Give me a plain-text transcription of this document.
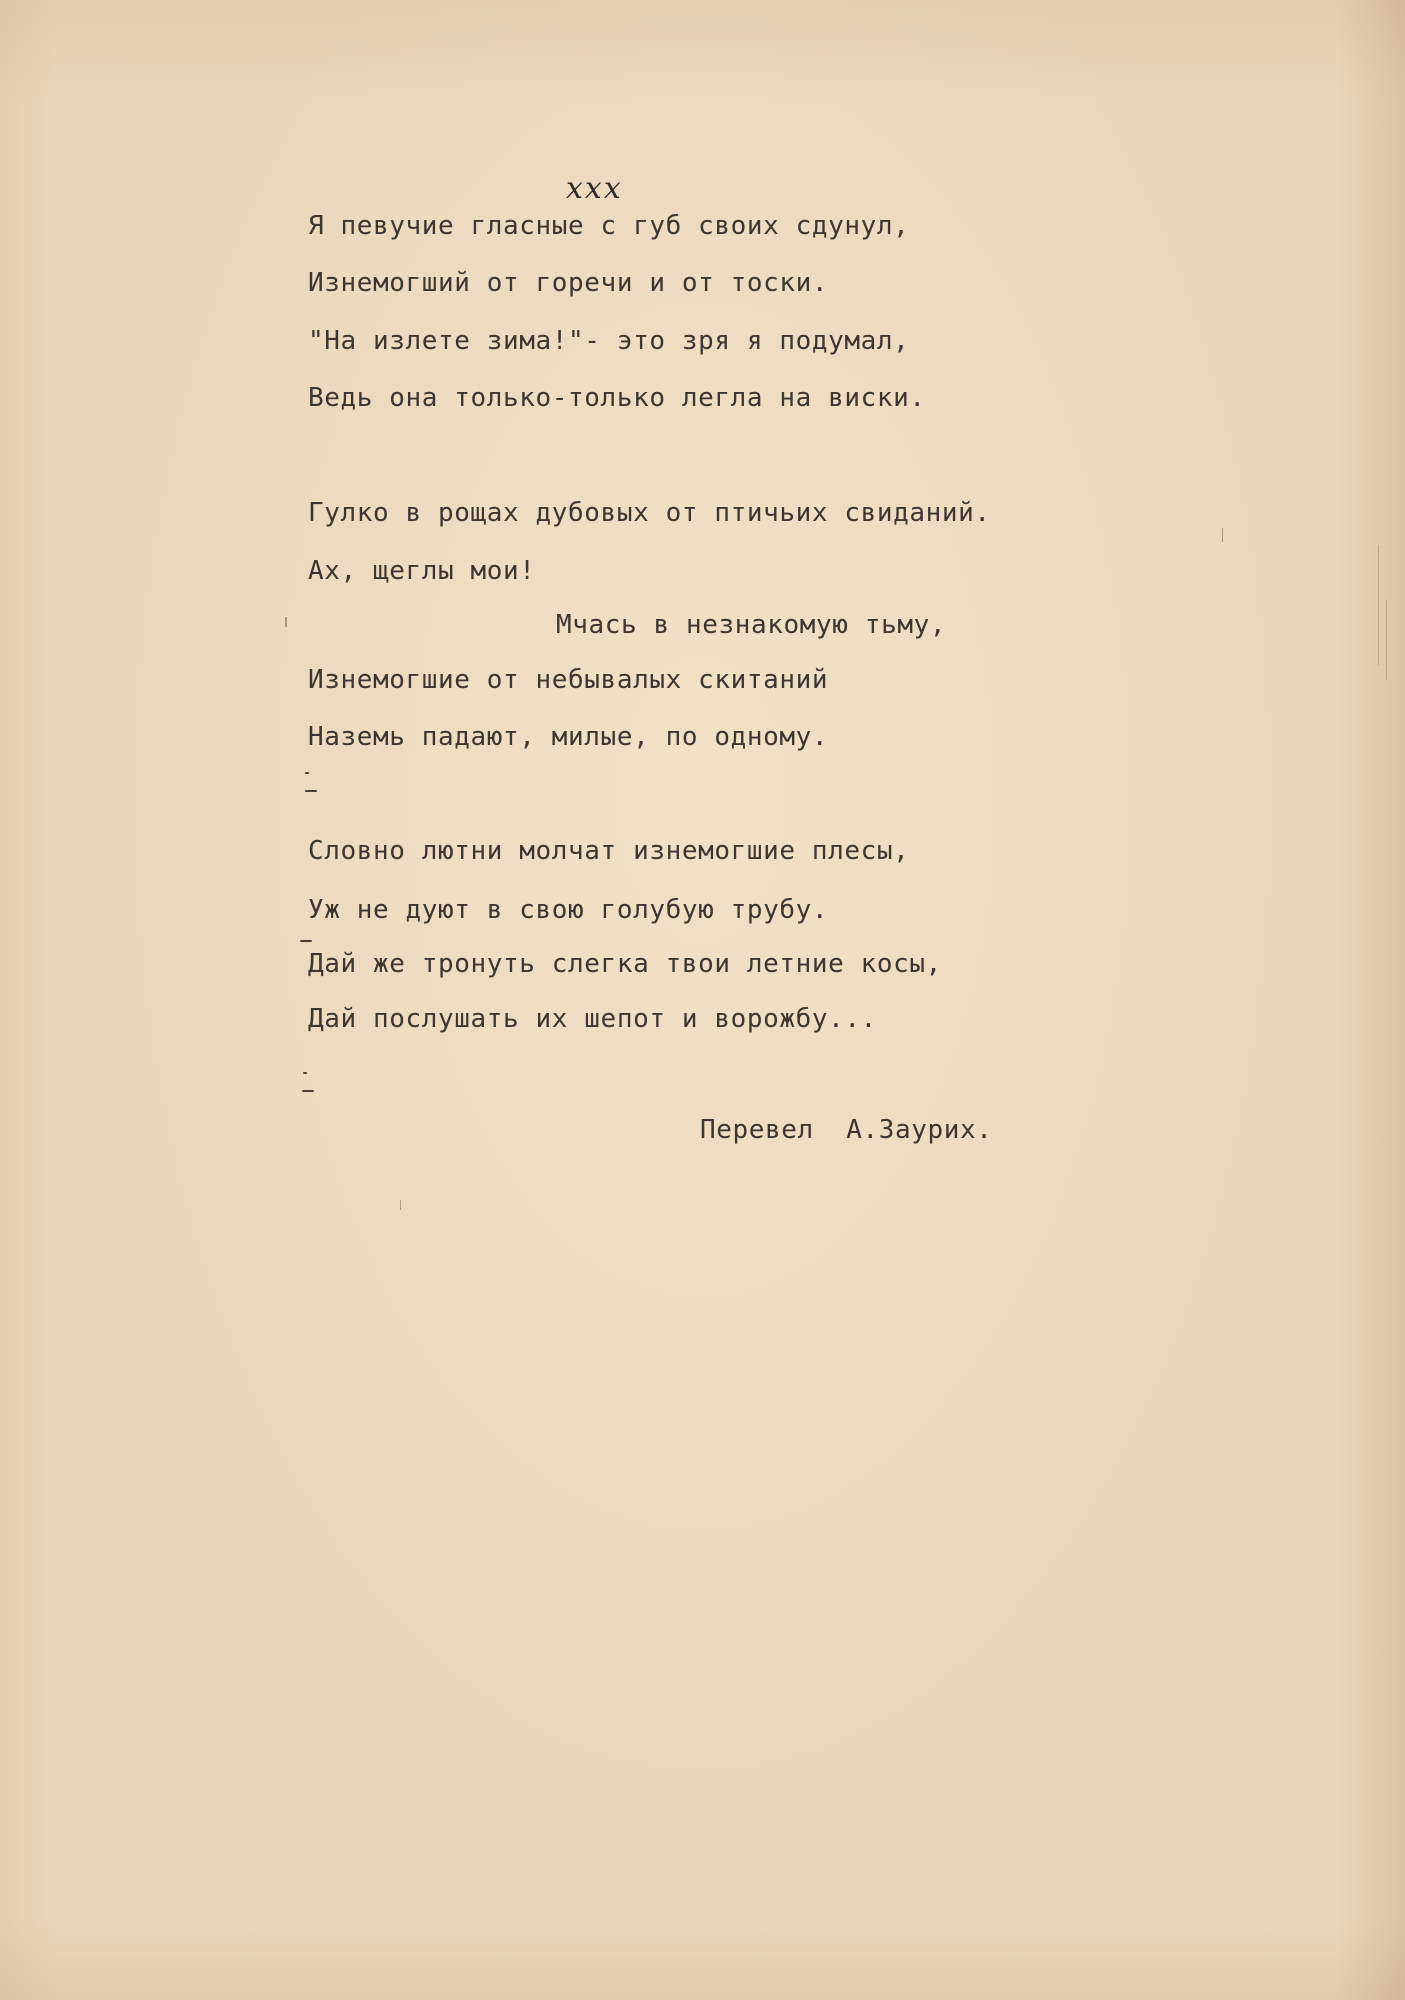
ххх

Я певучие гласные с губ своих сдунул,

Изнемогший от горечи и от тоски.

"На излете зима!"- это зря я подумал,

Ведь она только-только легла на виски.

Гулко в рощах дубовых от птичьих свиданий.

Ах, щеглы мои!

Мчась в незнакомую тьму,

Изнемогшие от небывалых скитаний

Наземь падают, милые, по одному.

Словно лютни молчат изнемогшие плесы,

Уж не дуют в свою голубую трубу.

Дай же тронуть слегка твои летние косы,

Дай послушать их шепот и ворожбу...

Перевел  А.Заурих.
